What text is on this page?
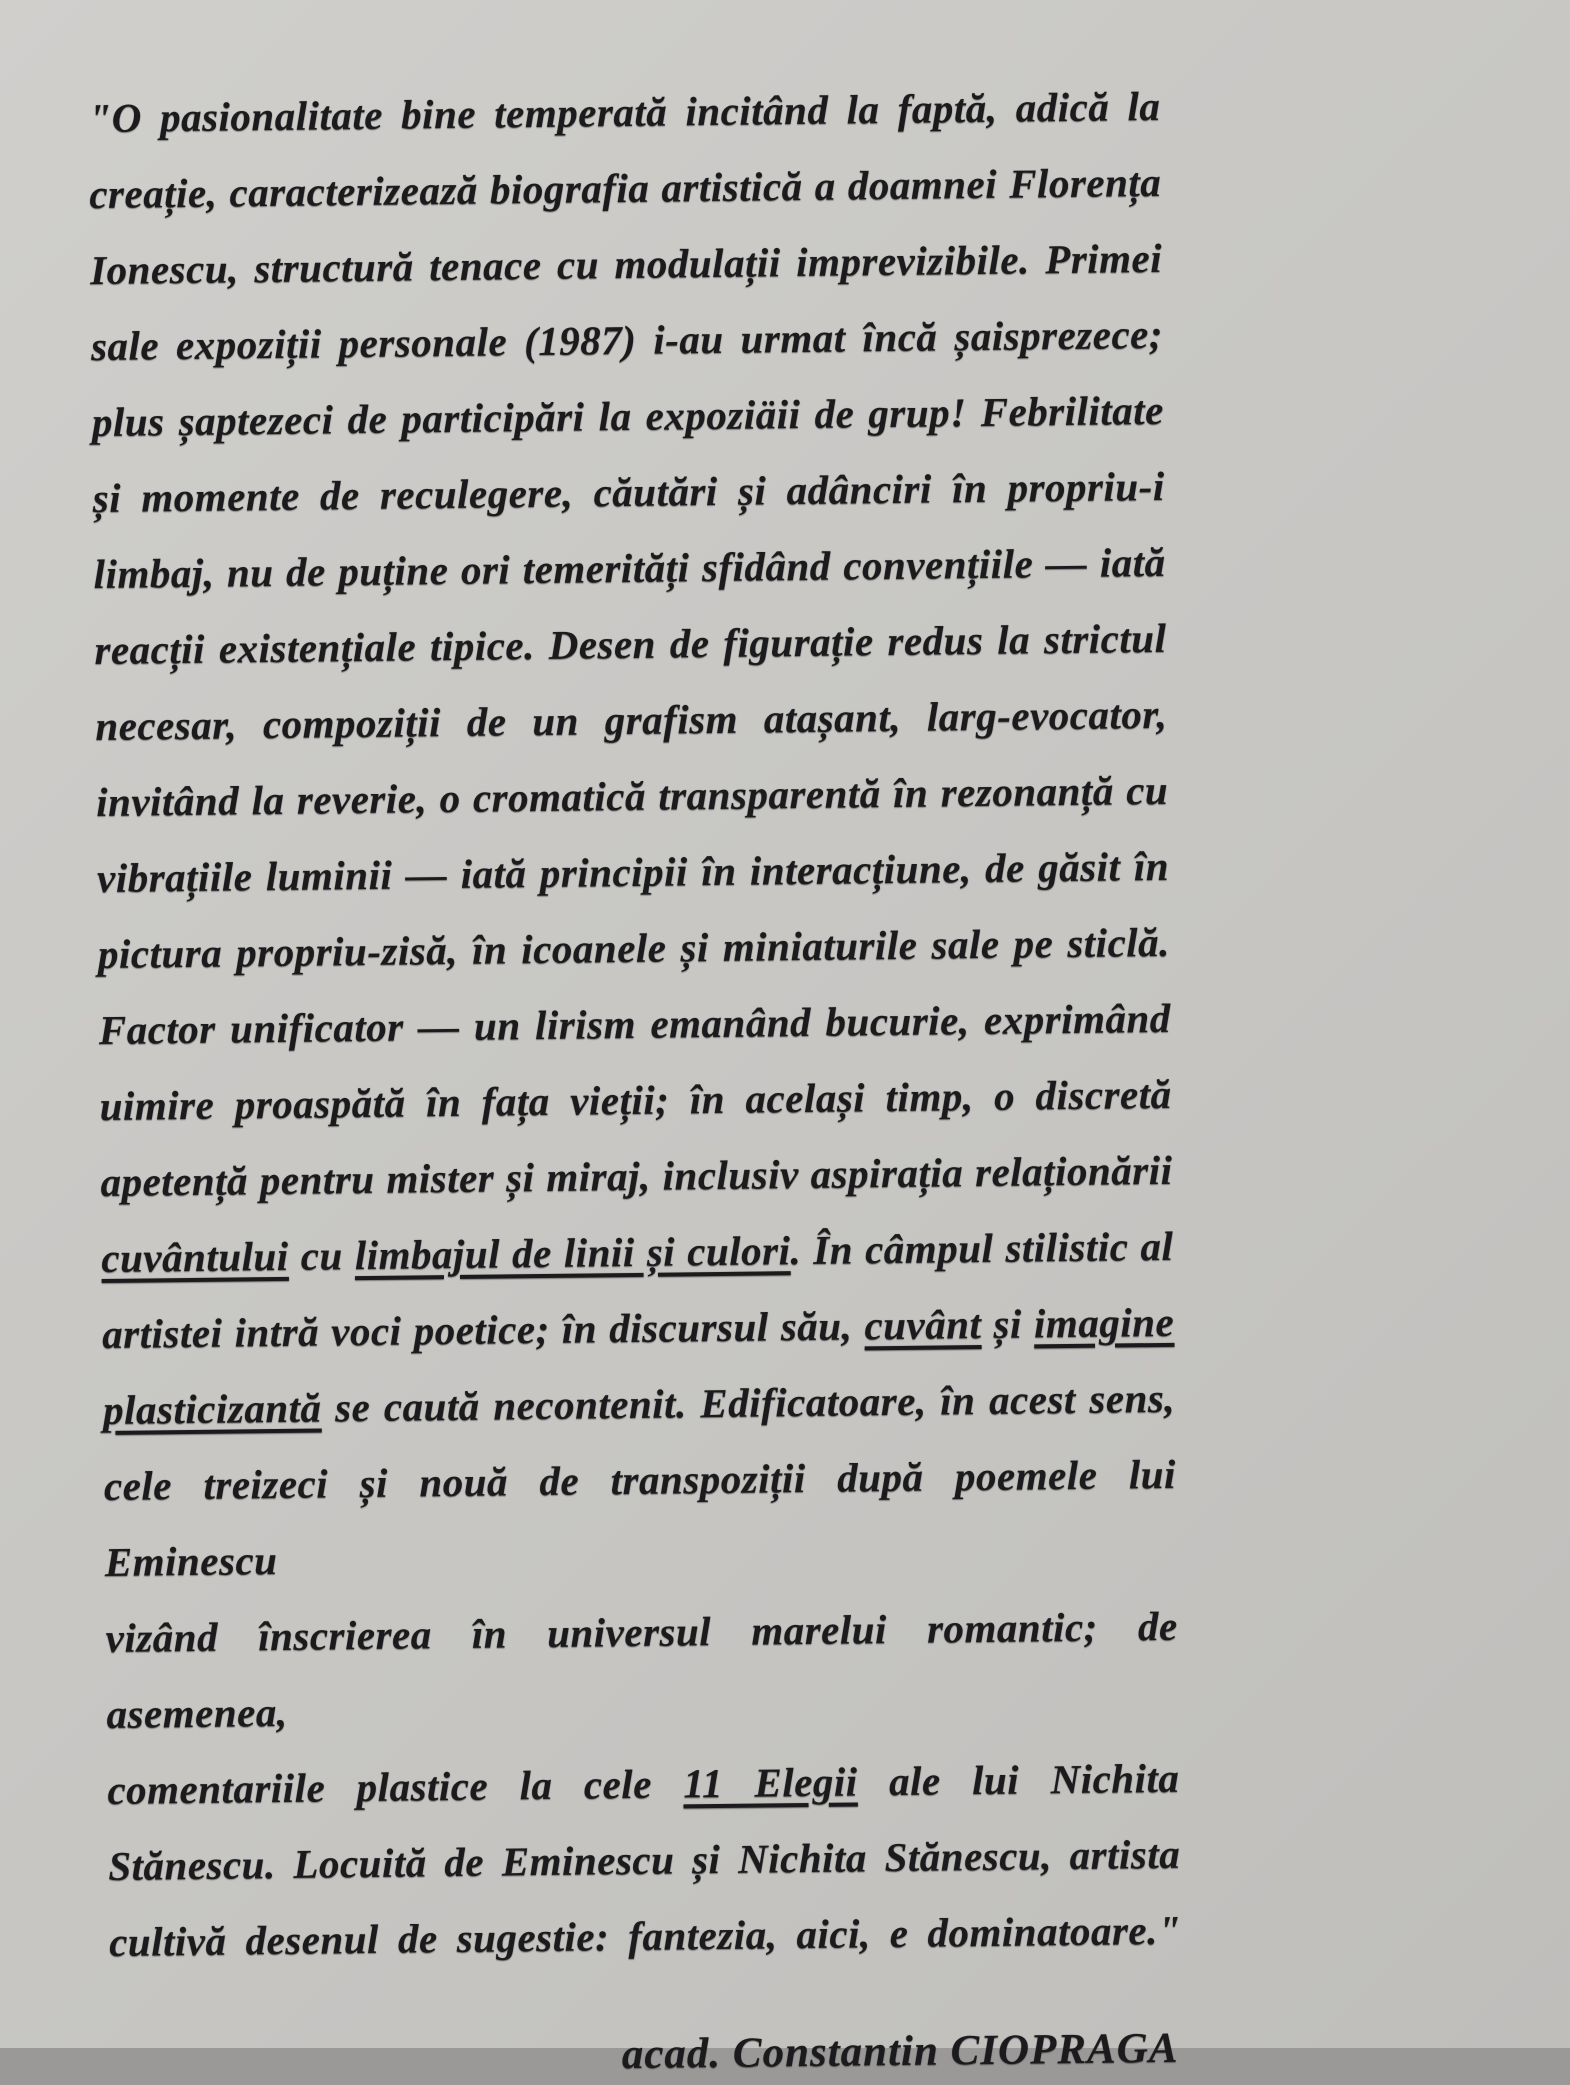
"O pasionalitate bine temperată incitând la faptă, adică la
creație, caracterizează biografia artistică a doamnei Florența
Ionescu, structură tenace cu modulații imprevizibile. Primei
sale expoziții personale (1987) i-au urmat încă șaisprezece;
plus șaptezeci de participări la expoziäii de grup! Febrilitate
și momente de reculegere, căutări și adânciri în propriu-i
limbaj, nu de puține ori temerități sfidând convențiile — iată
reacții existențiale tipice. Desen de figurație redus la strictul
necesar, compoziții de un grafism atașant, larg-evocator,
invitând la reverie, o cromatică transparentă în rezonanță cu
vibrațiile luminii — iată principii în interacțiune, de găsit în
pictura propriu-zisă, în icoanele și miniaturile sale pe sticlă.
Factor unificator — un lirism emanând bucurie, exprimând
uimire proaspătă în fața vieții; în același timp, o discretă
apetență pentru mister și miraj, inclusiv aspirația relaționării
cuvântului cu limbajul de linii și culori. În câmpul stilistic al
artistei intră voci poetice; în discursul său, cuvânt și imagine
plasticizantă se caută necontenit. Edificatoare, în acest sens,
cele treizeci și nouă de transpoziții după poemele lui Eminescu
vizând înscrierea în universul marelui romantic; de asemenea,
comentariile plastice la cele 11 Elegii ale lui Nichita
Stănescu. Locuită de Eminescu și Nichita Stănescu, artista
cultivă desenul de sugestie: fantezia, aici, e dominatoare."
acad. Constantin CIOPRAGA
